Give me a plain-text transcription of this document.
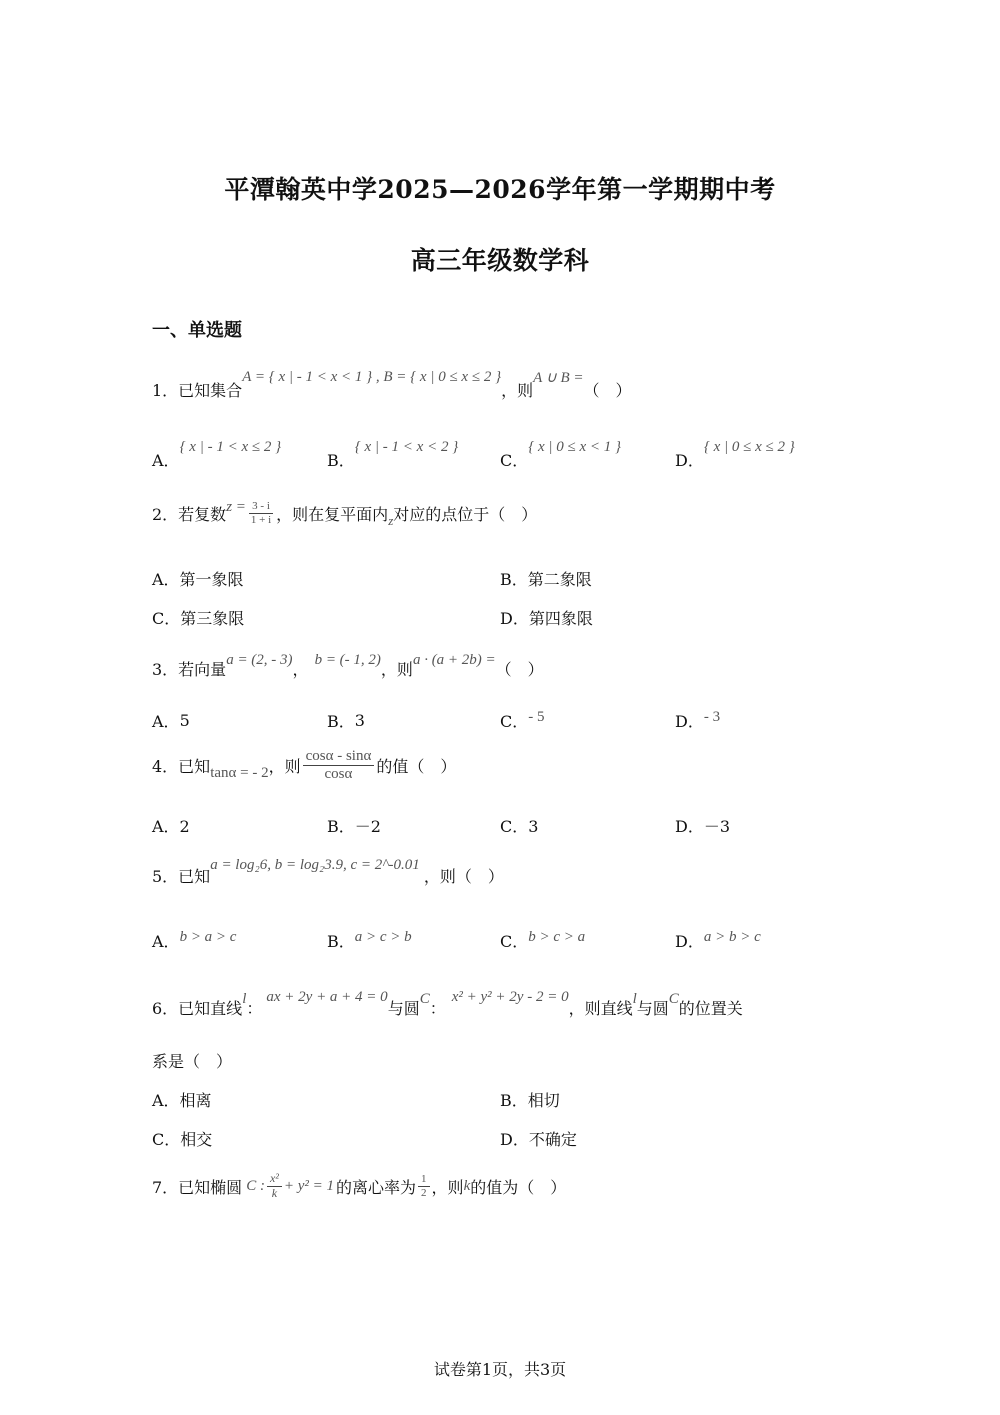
平潭翰英中学2025—2026学年第一学期期中考
高三年级数学科
一、单选题
1．已知集合
A = { x | - 1 < x < 1 } , B = { x | 0 ≤ x ≤ 2 }
，则
A ∪ B =
（　）
A．
{ x | - 1 < x ≤ 2 }
B．
{ x | - 1 < x < 2 }
C．
{ x | 0 ≤ x < 1 }
D．
{ x | 0 ≤ x ≤ 2 }
2．若复数 $z = \frac{3 - i}{1 + i}$ ，则在复平面内 z 对应的点位于（　）
A．第一象限	B．第二象限
C．第三象限	D．第四象限
3．若向量 a = (2, - 3) ， b = (- 1, 2) ，则 a · (a + 2b) = （　）
A． 5	B． 3	C． - 5	D． - 3
4．已知 tanα = - 2 ，则 $\frac{\cos\alpha - \sin\alpha}{\cos\alpha}$ 的值（　）
A．2	B．－2	C．3	D．－3
5．已知
a = log₂6, b = log₂3.9, c = 2^-0.01
，则（　）
A． b > a > c	B． a > c > b	C． b > c > a	D． a > b > c
6．已知直线 l ：
ax + 2y + a + 4 = 0
与圆 C ：
x² + y² + 2y - 2 = 0
，则直线 l 与圆 C 的位置关
系是（　）
A．相离	B．相切
C．相交	D．不确定
7．已知椭圆 C : $\frac{\text{x²}}{k} + y^2 = 1$ 的离心率为 $\frac{1}{2}$ ，则 k 的值为（　）
试卷第1页，共3页
